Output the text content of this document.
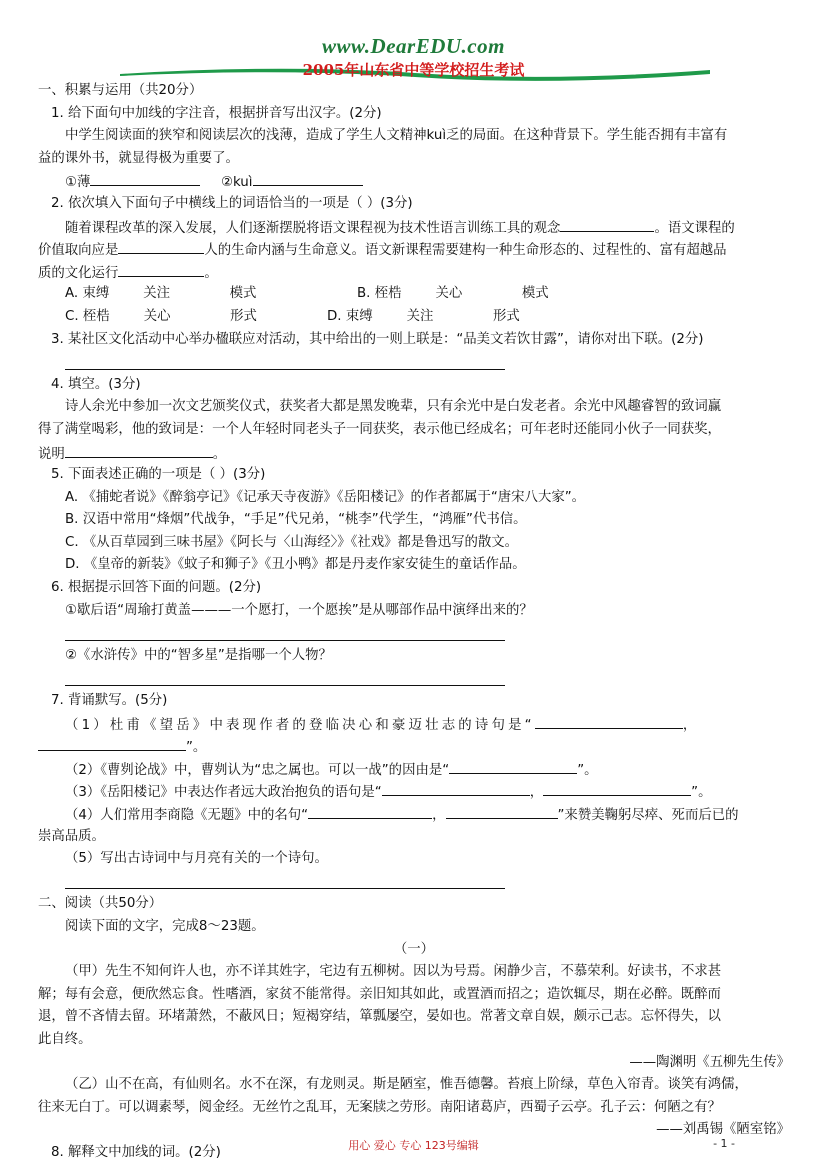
www.DearEDU.com
2005年山东省中等学校招生考试
一、积累与运用（共20分）
1. 给下面句中加线的字注音，根据拼音写出汉字。(2分)
中学生阅读面的狭窄和阅读层次的浅薄，造成了学生人文精神kuì乏的局面。在这种背景下。学生能否拥有丰富有
益的课外书，就显得极为重要了。
①薄	②kuì
2. 依次填入下面句子中横线上的词语恰当的一项是（ ）(3分)
随着课程改革的深入发展，人们逐渐摆脱将语文课程视为技术性语言训练工具的观念	。语文课程的
价值取向应是	人的生命内涵与生命意义。语文新课程需要建构一种生命形态的、过程性的、富有超越品
质的文化运行	。
A. 束缚        关注              模式	B. 桎梏        关心              模式
C. 桎梏        关心              形式	D. 束缚        关注              形式
3. 某社区文化活动中心举办楹联应对活动，其中给出的一则上联是：“品美文若饮甘露”，请你对出下联。(2分)
4. 填空。(3分)
诗人余光中参加一次文艺颁奖仪式，获奖者大都是黑发晚辈，只有余光中是白发老者。余光中风趣睿智的致词赢
得了满堂喝彩，他的致词是：一个人年轻时同老头子一同获奖，表示他已经成名；可年老时还能同小伙子一同获奖，
说明	。
5. 下面表述正确的一项是（ ）(3分)
A. 《捕蛇者说》《醉翁亭记》《记承天寺夜游》《岳阳楼记》的作者都属于“唐宋八大家”。
B. 汉语中常用“烽烟”代战争，“手足”代兄弟，“桃李”代学生，“鸿雁”代书信。
C. 《从百草园到三味书屋》《阿长与〈山海经〉》《社戏》都是鲁迅写的散文。
D. 《皇帝的新装》《蚊子和狮子》《丑小鸭》都是丹麦作家安徒生的童话作品。
6. 根据提示回答下面的问题。(2分)
①歇后语“周瑜打黄盖———一个愿打，一个愿挨”是从哪部作品中演绎出来的？
②《水浒传》中的“智多星”是指哪一个人物？
7. 背诵默写。(5分)
（1）杜甫《望岳》中表现作者的登临决心和豪迈壮志的诗句是“	，
”。
（2）《曹刿论战》中，曹刿认为“忠之属也。可以一战”的因由是“	”。
（3）《岳阳楼记》中表达作者远大政治抱负的语句是“	，	”。
（4）人们常用李商隐《无题》中的名句“	，	”来赞美鞠躬尽瘁、死而后已的
崇高品质。
（5）写出古诗词中与月亮有关的一个诗句。
二、阅读（共50分）
阅读下面的文字，完成8～23题。
（一）
（甲）先生不知何许人也，亦不详其姓字，宅边有五柳树。因以为号焉。闲静少言，不慕荣利。好读书，不求甚
解；每有会意，便欣然忘食。性嗜酒，家贫不能常得。亲旧知其如此，或置酒而招之；造饮辄尽，期在必醉。既醉而
退，曾不吝情去留。环堵萧然，不蔽风日；短褐穿结，箪瓢屡空，晏如也。常著文章自娱，颇示己志。忘怀得失，以
此自终。
——陶渊明《五柳先生传》
（乙）山不在高，有仙则名。水不在深，有龙则灵。斯是陋室，惟吾德馨。苔痕上阶绿，草色入帘青。谈笑有鸿儒，
往来无白丁。可以调素琴，阅金经。无丝竹之乱耳，无案牍之劳形。南阳诸葛庐，西蜀子云亭。孔子云：何陋之有？
——刘禹锡《陋室铭》
8. 解释文中加线的词。(2分)	用心 爱心 专心 123号编辑	- 1 -
